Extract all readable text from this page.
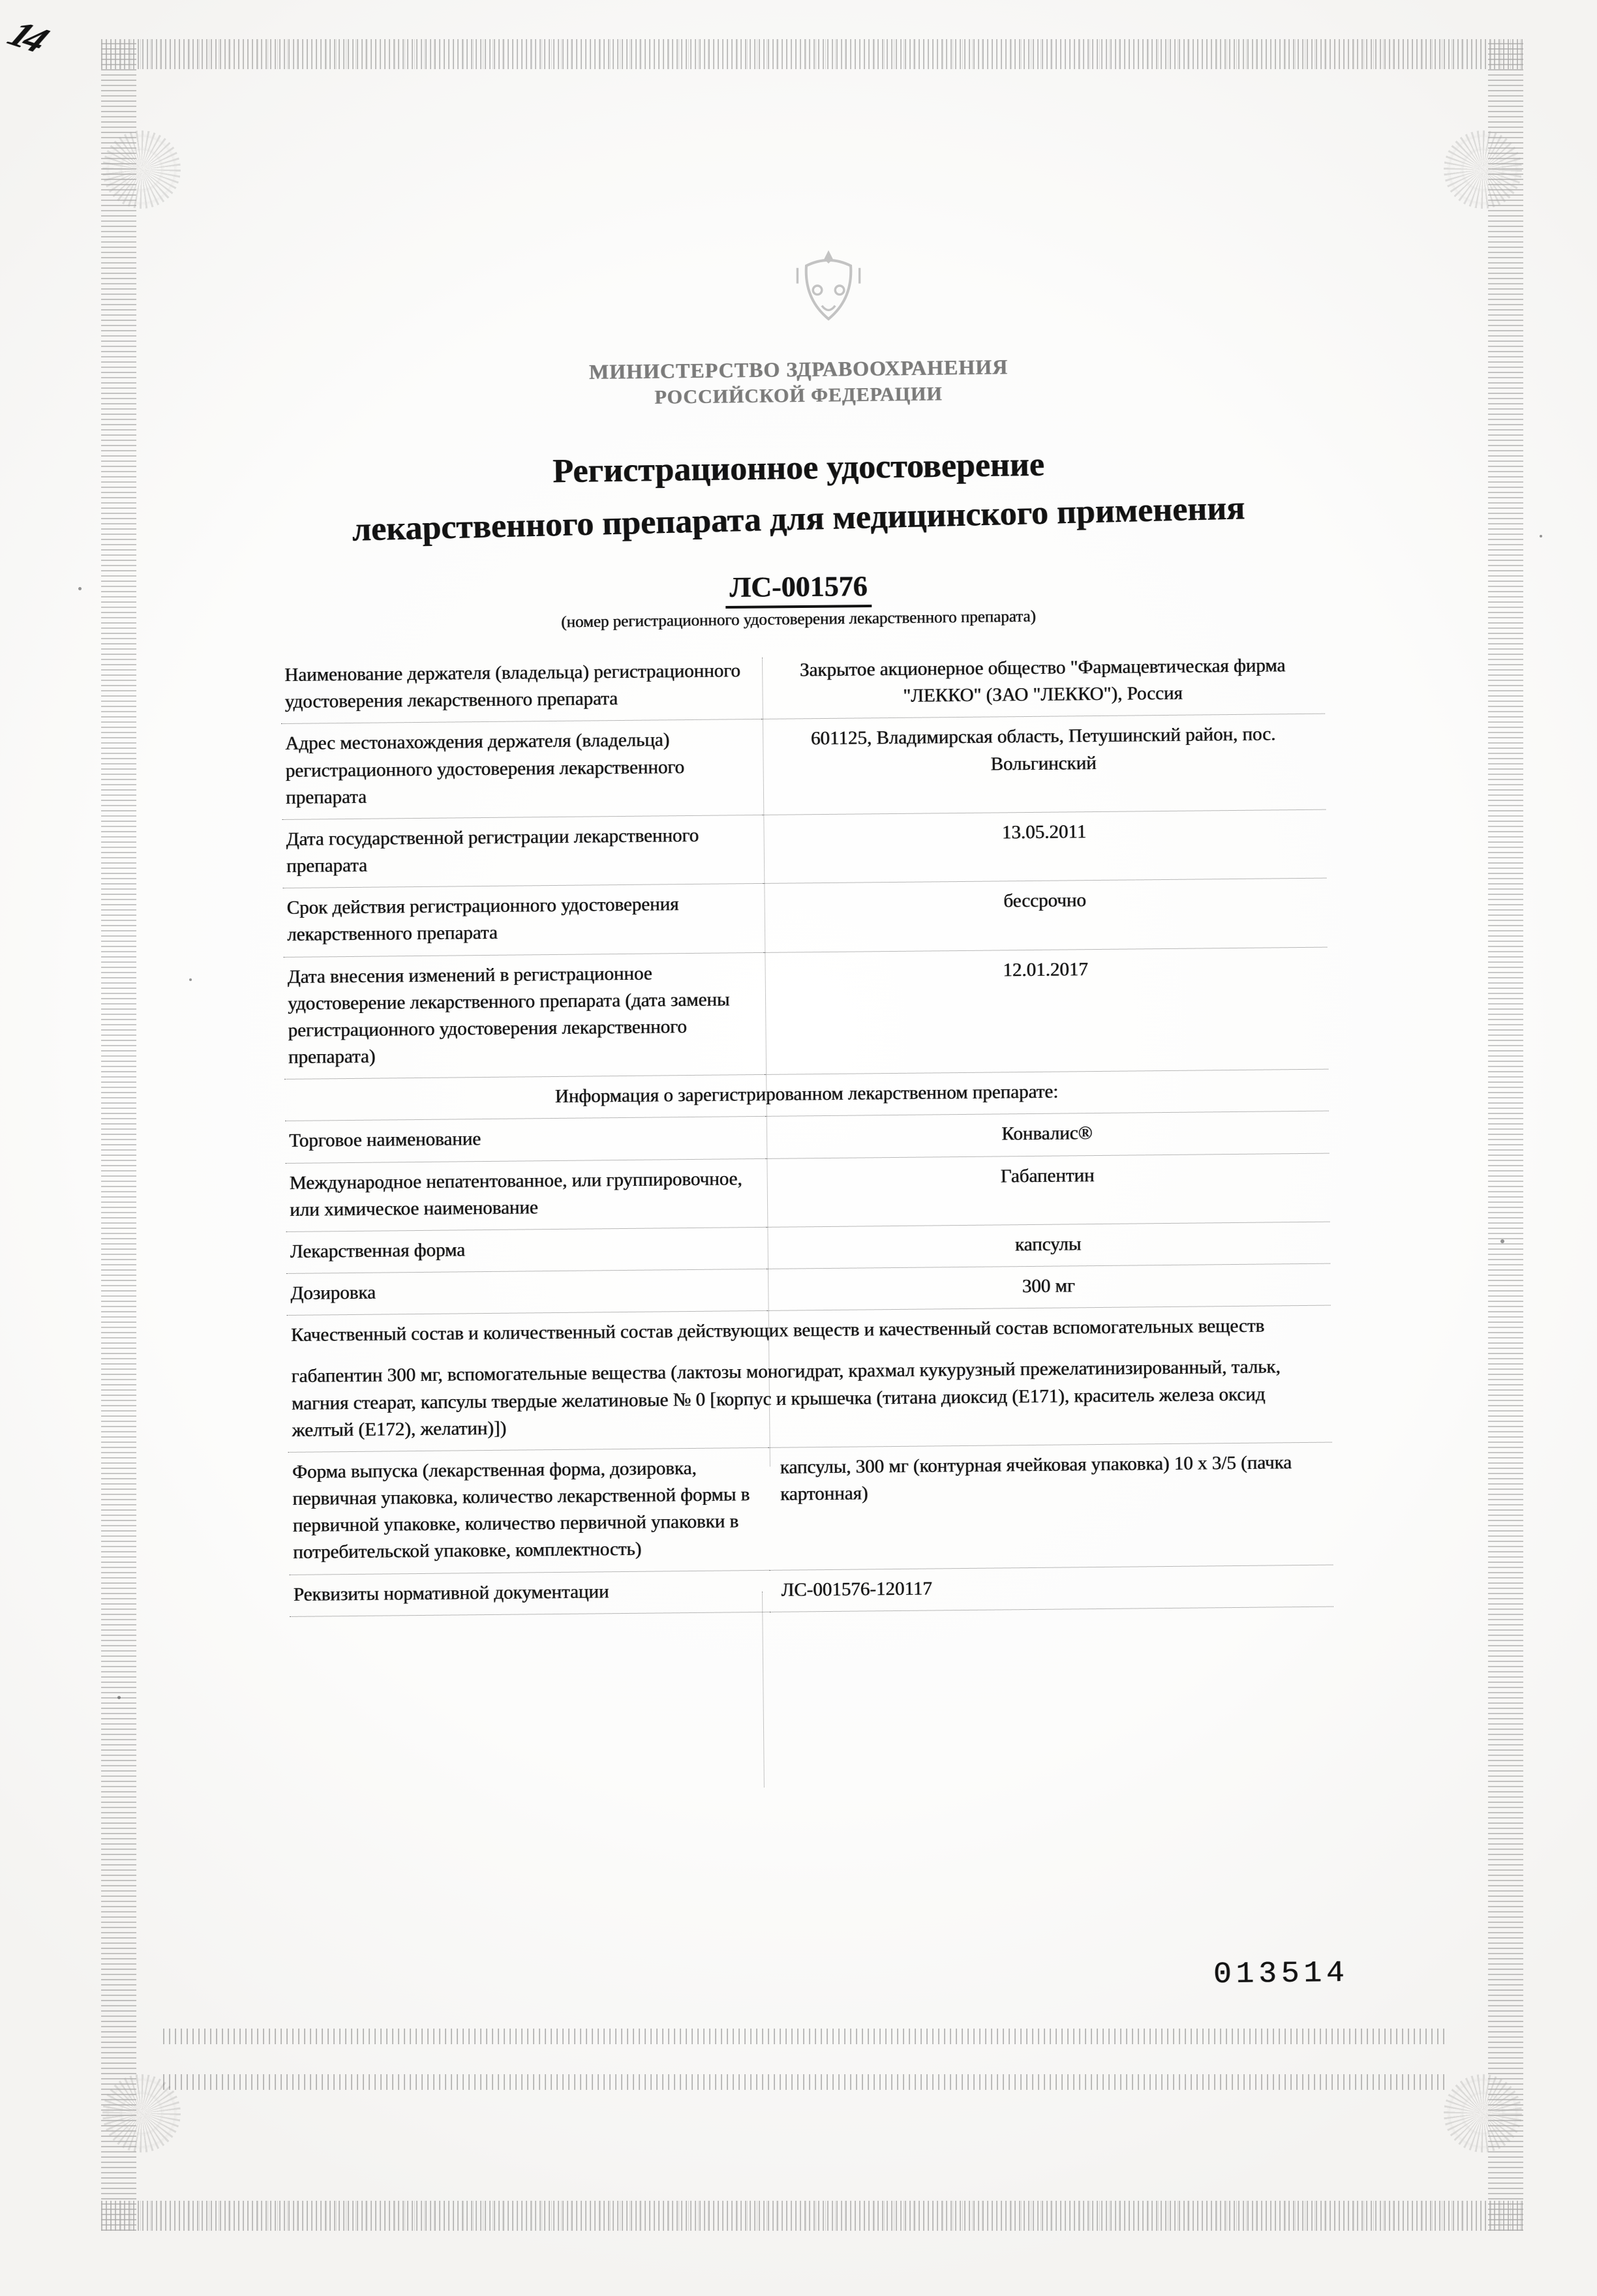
14
МИНИСТЕРСТВО ЗДРАВООХРАНЕНИЯ
РОССИЙСКОЙ ФЕДЕРАЦИИ
Регистрационное удостоверение
лекарственного препарата для медицинского применения
ЛС-001576
(номер регистрационного удостоверения лекарственного препарата)
Наименование держателя (владельца) регистрационного удостоверения лекарственного препарата	Закрытое акционерное общество "Фармацевтическая фирма "ЛЕККО" (ЗАО "ЛЕККО"), Россия
Адрес местонахождения держателя (владельца) регистрационного удостоверения лекарственного препарата	601125, Владимирская область, Петушинский район, пос. Вольгинский
Дата государственной регистрации лекарственного препарата	13.05.2011
Срок действия регистрационного удостоверения лекарственного препарата	бессрочно
Дата внесения изменений в регистрационное удостоверение лекарственного препарата (дата замены регистрационного удостоверения лекарственного препарата)	12.01.2017
Информация о зарегистрированном лекарственном препарате:	
Торговое наименование	Конвалис®
Международное непатентованное, или группировочное, или химическое наименование	Габапентин
Лекарственная форма	капсулы
Дозировка	300 мг
Качественный состав и количественный состав действующих веществ и качественный состав вспомогательных веществ	
габапентин 300 мг, вспомогательные вещества (лактозы моногидрат, крахмал кукурузный прежелатинизированный, тальк, магния стеарат, капсулы твердые желатиновые № 0 [корпус и крышечка (титана диоксид (Е171), краситель железа оксид желтый (Е172), желатин)])	
Форма выпуска (лекарственная форма, дозировка, первичная упаковка, количество лекарственной формы в первичной упаковке, количество первичной упаковки в потребительской упаковке, комплектность)	капсулы, 300 мг (контурная ячейковая упаковка) 10 х 3/5 (пачка картонная)
Реквизиты нормативной документации	ЛС-001576-120117
013514
